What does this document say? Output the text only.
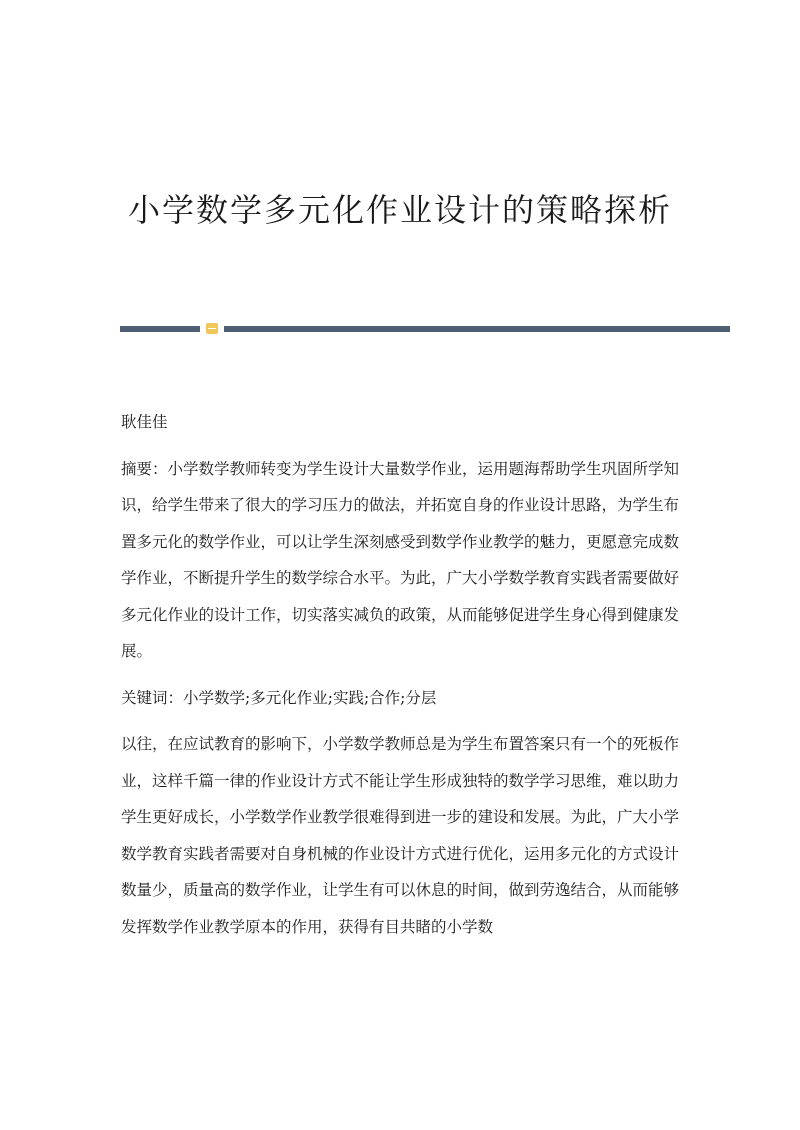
小学数学多元化作业设计的策略探析

耿佳佳

摘要：小学数学教师转变为学生设计大量数学作业，运用题海帮助学生巩固所学知识，给学生带来了很大的学习压力的做法，并拓宽自身的作业设计思路，为学生布置多元化的数学作业，可以让学生深刻感受到数学作业教学的魅力，更愿意完成数学作业，不断提升学生的数学综合水平。为此，广大小学数学教育实践者需要做好多元化作业的设计工作，切实落实减负的政策，从而能够促进学生身心得到健康发展。

关键词：小学数学;多元化作业;实践;合作;分层

以往，在应试教育的影响下，小学数学教师总是为学生布置答案只有一个的死板作业，这样千篇一律的作业设计方式不能让学生形成独特的数学学习思维，难以助力学生更好成长，小学数学作业教学很难得到进一步的建设和发展。为此，广大小学数学教育实践者需要对自身机械的作业设计方式进行优化，运用多元化的方式设计数量少，质量高的数学作业，让学生有可以休息的时间，做到劳逸结合，从而能够发挥数学作业教学原本的作用，获得有目共睹的小学数
